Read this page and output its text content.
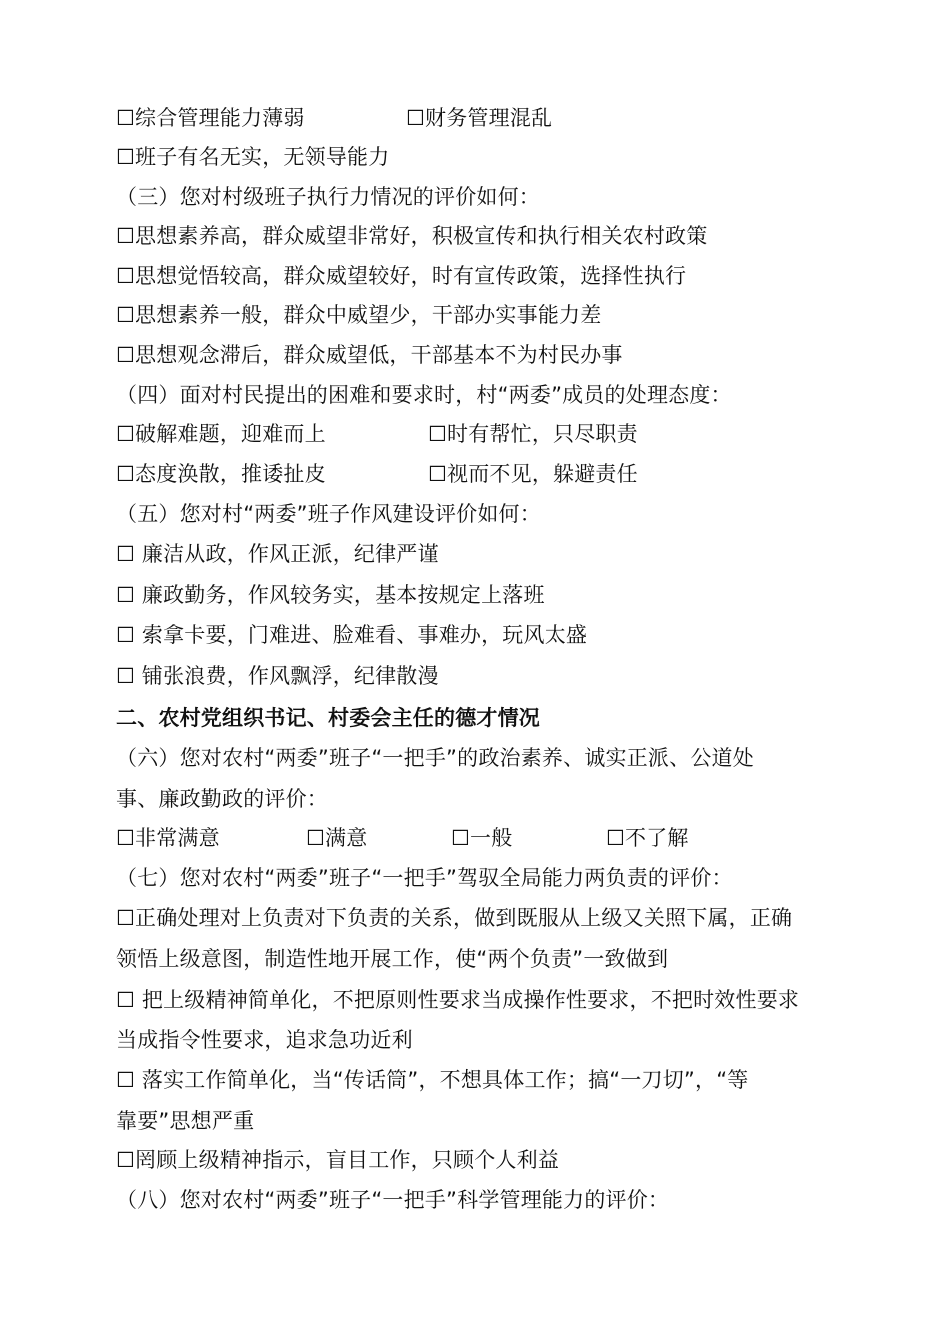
☐综合管理能力薄弱	☐财务管理混乱
☐班子有名无实，无领导能力
（三）您对村级班子执行力情况的评价如何：
☐思想素养高，群众威望非常好，积极宣传和执行相关农村政策
☐思想觉悟较高，群众威望较好，时有宣传政策，选择性执行
☐思想素养一般，群众中威望少，干部办实事能力差
☐思想观念滞后，群众威望低，干部基本不为村民办事
（四）面对村民提出的困难和要求时，村“两委”成员的处理态度：
☐破解难题，迎难而上	☐时有帮忙，只尽职责
☐态度涣散，推诿扯皮	☐视而不见，躲避责任
（五）您对村“两委”班子作风建设评价如何：
☐ 廉洁从政，作风正派，纪律严谨
☐ 廉政勤务，作风较务实，基本按规定上落班
☐ 索拿卡要，门难进、脸难看、事难办，玩风太盛
☐ 铺张浪费，作风飘浮，纪律散漫
二、农村党组织书记、村委会主任的德才情况
（六）您对农村“两委”班子“一把手”的政治素养、诚实正派、公道处
事、廉政勤政的评价：
☐非常满意	☐满意	☐一般	☐不了解
（七）您对农村“两委”班子“一把手”驾驭全局能力两负责的评价：
☐正确处理对上负责对下负责的关系，做到既服从上级又关照下属，正确
领悟上级意图，制造性地开展工作，使“两个负责”一致做到
☐ 把上级精神简单化，不把原则性要求当成操作性要求，不把时效性要求
当成指令性要求，追求急功近利
☐ 落实工作简单化，当“传话筒”，不想具体工作；搞“一刀切”，“等
靠要”思想严重
☐罔顾上级精神指示，盲目工作，只顾个人利益
（八）您对农村“两委”班子“一把手”科学管理能力的评价：
